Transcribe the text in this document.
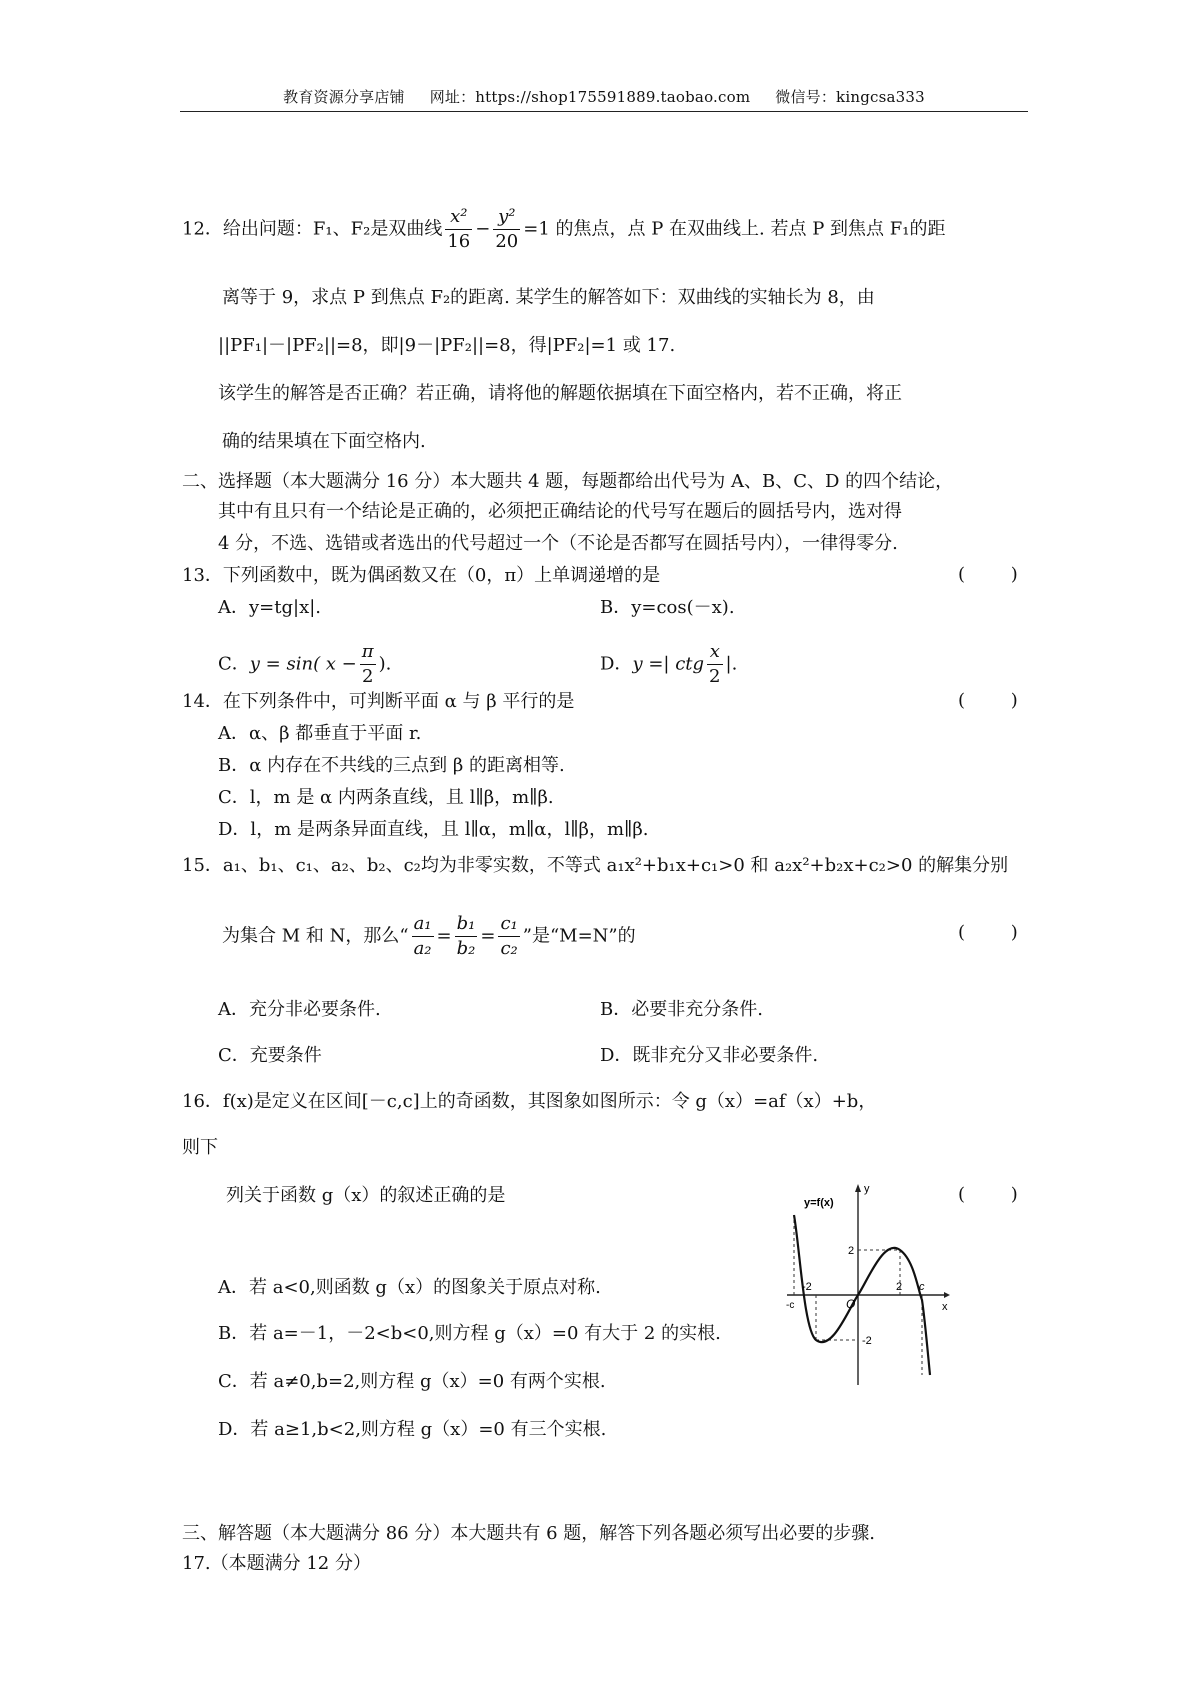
教育资源分享店铺 网址：https://shop175591889.taobao.com 微信号：kingcsa333
12．给出问题：F₁、F₂是双曲线 $\frac{\text{x²}}{16} - \frac{\text{y²}}{20} =1$ 的焦点，点 P 在双曲线上. 若点 P 到焦点 F₁的距
离等于 9，求点 P 到焦点 F₂的距离. 某学生的解答如下：双曲线的实轴长为 8，由
||PF₁|－|PF₂||=8，即|9－|PF₂||=8，得|PF₂|=1 或 17.
该学生的解答是否正确？若正确，请将他的解题依据填在下面空格内，若不正确，将正
确的结果填在下面空格内.
二、选择题（本大题满分 16 分）本大题共 4 题，每题都给出代号为 A、B、C、D 的四个结论，
其中有且只有一个结论是正确的，必须把正确结论的代号写在题后的圆括号内，选对得
4 分，不选、选错或者选出的代号超过一个（不论是否都写在圆括号内），一律得零分.
13．下列函数中，既为偶函数又在（0，π）上单调递增的是	(        )
A．y=tg|x|.	B．y=cos(－x).
C．y = sin( $x - \frac{\pi}{2}$ ).	D．y =| ctg $\frac{x}{2}$ |.
14．在下列条件中，可判断平面 α 与 β 平行的是	(        )
A．α、β 都垂直于平面 r.
B．α 内存在不共线的三点到 β 的距离相等.
C．l，m 是 α 内两条直线，且 l∥β，m∥β.
D．l，m 是两条异面直线，且 l∥α，m∥α，l∥β，m∥β.
15．a₁、b₁、c₁、a₂、b₂、c₂均为非零实数，不等式 a₁x²+b₁x+c₁>0 和 a₂x²+b₂x+c₂>0 的解集分别
为集合 M 和 N，那么“ $\frac{\text{a₁}}{\text{a₂}} = \frac{\text{b₁}}{\text{b₂}} = \frac{\text{c₁}}{\text{c₂}}$ ”是“M=N”的	(        )
A．充分非必要条件.	B．必要非充分条件.
C．充要条件	D．既非充分又非必要条件.
16．f(x)是定义在区间[－c,c]上的奇函数，其图象如图所示：令 g（x）=af（x）+b，
则下
列关于函数 g（x）的叙述正确的是	(        )
A．若 a<0,则函数 g（x）的图象关于原点对称.
B．若 a=－1，－2<b<0,则方程 g（x）=0 有大于 2 的实根.
C．若 a≠0,b=2,则方程 g（x）=0 有两个实根.
D．若 a≥1,b<2,则方程 g（x）=0 有三个实根.
y=f(x)
y
x
O
2
-2
-2	2
-c
c
三、解答题（本大题满分 86 分）本大题共有 6 题，解答下列各题必须写出必要的步骤.
17.（本题满分 12 分）
